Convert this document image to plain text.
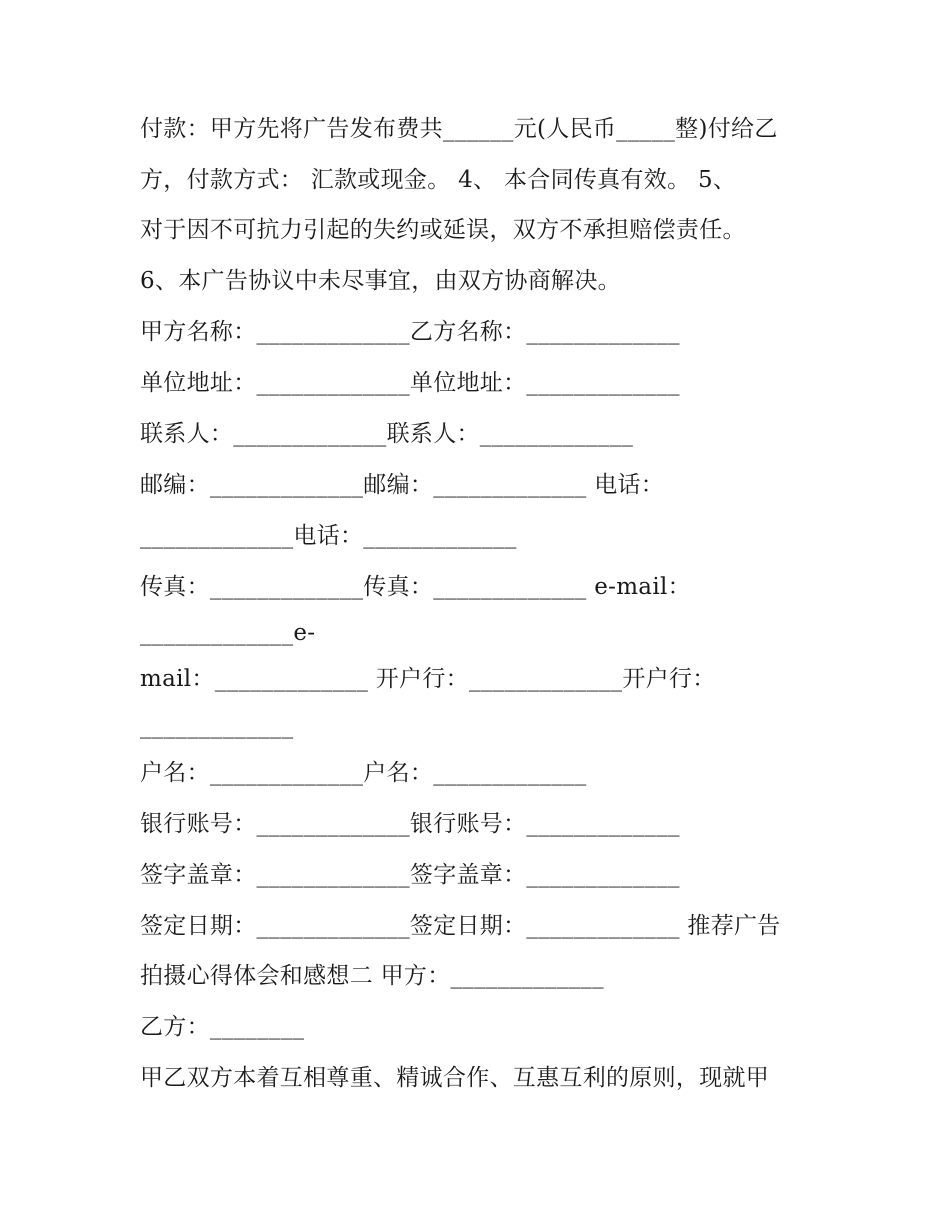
付款：甲方先将广告发布费共______元(人民币_____整)付给乙
方，付款方式： 汇款或现金。 4、 本合同传真有效。 5、
对于因不可抗力引起的失约或延误，双方不承担赔偿责任。
6、本广告协议中未尽事宜，由双方协商解决。
甲方名称：_____________乙方名称：_____________
单位地址：_____________单位地址：_____________
联系人：_____________联系人：_____________
邮编：_____________邮编：_____________ 电话：
_____________电话：_____________
传真：_____________传真：_____________ e-mail：
_____________e-
mail：_____________ 开户行：_____________开户行：
_____________
户名：_____________户名：_____________
银行账号：_____________银行账号：_____________
签字盖章：_____________签字盖章：_____________
签定日期：_____________签定日期：_____________ 推荐广告
拍摄心得体会和感想二 甲方：_____________
乙方：________
甲乙双方本着互相尊重、精诚合作、互惠互利的原则，现就甲
